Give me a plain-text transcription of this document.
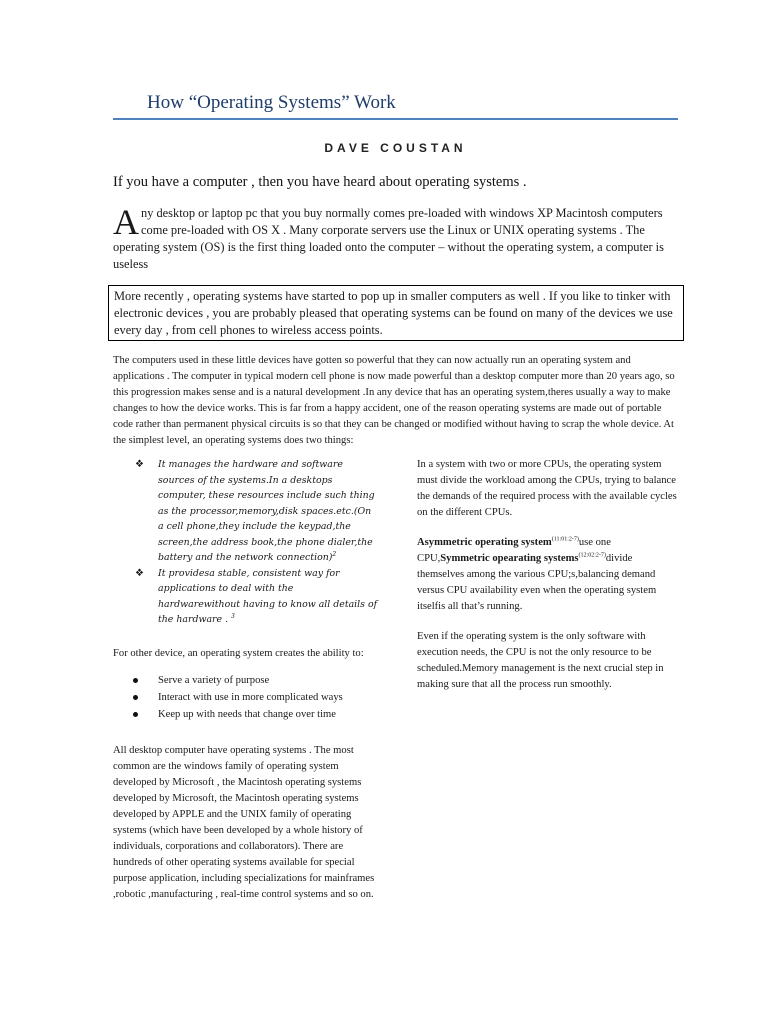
How “Operating Systems” Work
DAVE COUSTAN
If you have a computer , then you have heard about operating systems .
A ny desktop or laptop pc that you buy normally comes pre-loaded with windows XP Macintosh computers come pre-loaded with OS X . Many corporate servers use the Linux or UNIX operating systems . The operating system (OS) is the first thing loaded onto the computer – without the operating system, a computer is useless
More recently , operating systems have started to pop up in smaller computers as well . If you like to tinker with electronic devices , you are probably pleased that operating systems can be found on many of the devices we use every day , from cell phones to wireless access points.
The computers used in these little devices have gotten so powerful that they can now actually run an operating system and applications . The computer in typical modern cell phone is now made powerful than a desktop computer more than 20 years ago, so this progression makes sense and is a natural development .In any device that has an operating system,theres usually a way to make changes to how the device works. This is far from a happy accident, one of the reason operating systems are made out of portable code rather than permanent physical circuits is so that they can be changed or modified without having to scrap the whole device. At the simplest level, an operating systems does two things:
❖ It manages the hardware and software sources of the systems.In a desktops computer, these resources include such thing as the processor,memory,disk spaces.etc.(On a cell phone,they include the keypad,the screen,the address book,the phone dialer,the battery and the network connection)$^2$
❖ It providesa stable, consistent way for applications to deal with the hardwarewithout having to know all details of the hardware . $^3$

For other device, an operating system creates the ability to:

Serve a variety of purpose
Interact with use in more complicated ways
Keep up with needs that change over time

All desktop computer have operating systems . The most common are the windows family of operating system developed by Microsoft , the Macintosh operating systems developed by Microsoft, the Macintosh operating systems developed by APPLE and the UNIX family of operating systems (which have been developed by a whole history of individuals, corporations and collaborators). There are hundreds of other operating systems available for special purpose application, including specializations for mainframes ,robotic ,manufacturing , real-time control systems and so on.

In a system with two or more CPUs, the operating system must divide the workload among the CPUs, trying to balance the demands of the required process with the available cycles on the different CPUs.

Asymmetric operating system$^{(11:01:2-7)}$use one CPU,Symmetric opearating systems$^{(12:02:2-7)}$divide themselves among the various CPU;s,balancing demand versus CPU availability even when the operating system itselfis all that’s running.

Even if the operating system is the only software with execution needs, the CPU is not the only resource to be scheduled.Memory management is the next crucial step in making sure that all the process run smoothly.
